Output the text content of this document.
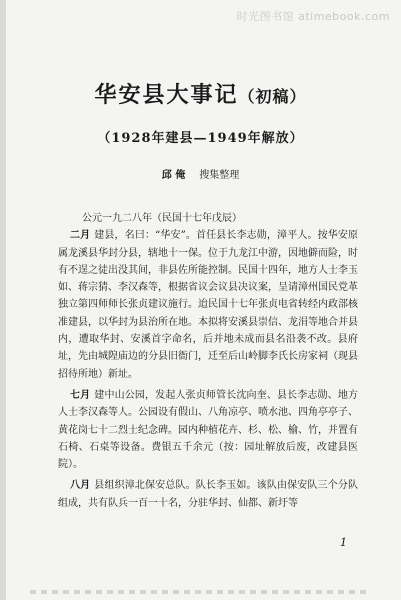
时光图书馆 atimebook.com
华安县大事记（初稿）
（1928年建县—1949年解放）
邱 俺 搜集整理

公元一九二八年（民国十七年戊辰）

二月 建县，名曰：“华安”。首任县长李志勋，漳平人。按华安原属龙溪县华封分县，辖地十一保。位于九龙江中游，因地僻而险，时有不逞之徒出没其间，非县佐所能控制。民国十四年，地方人士李玉如、蒋宗猜、李汉森等，根据省议会议县决议案，呈请漳州国民党革独立第四师师长张贞建议施行。迨民国十七年张贞电省转经内政部核准建县，以华封为县治所在地。本拟将安溪县崇信、龙涓等地合并县内，遭取华封、安溪首字命名，后并地未成而县名沿袭不改。县府址，先由城隍庙边的分县旧衙门，迁至后山岭脚李氏长房家祠（现县招待所地）新址。

七月 建中山公园，发起人张贞师管长沈向奎、县长李志勋、地方人士李汉森等人。公园设有假山、八角凉亭、喷水池、四角亭亭子、黄花岗七十二烈士纪念碑。园内种植花卉、杉、松、榆、竹，并置有石椅、石桌等设备。费银五千余元（按：园址解放后废，改建县医院）。

八月 县组织漳北保安总队。队长李玉如。该队由保安队三个分队组成，共有队兵一百一十名，分驻华封、仙都、新圩等

1
